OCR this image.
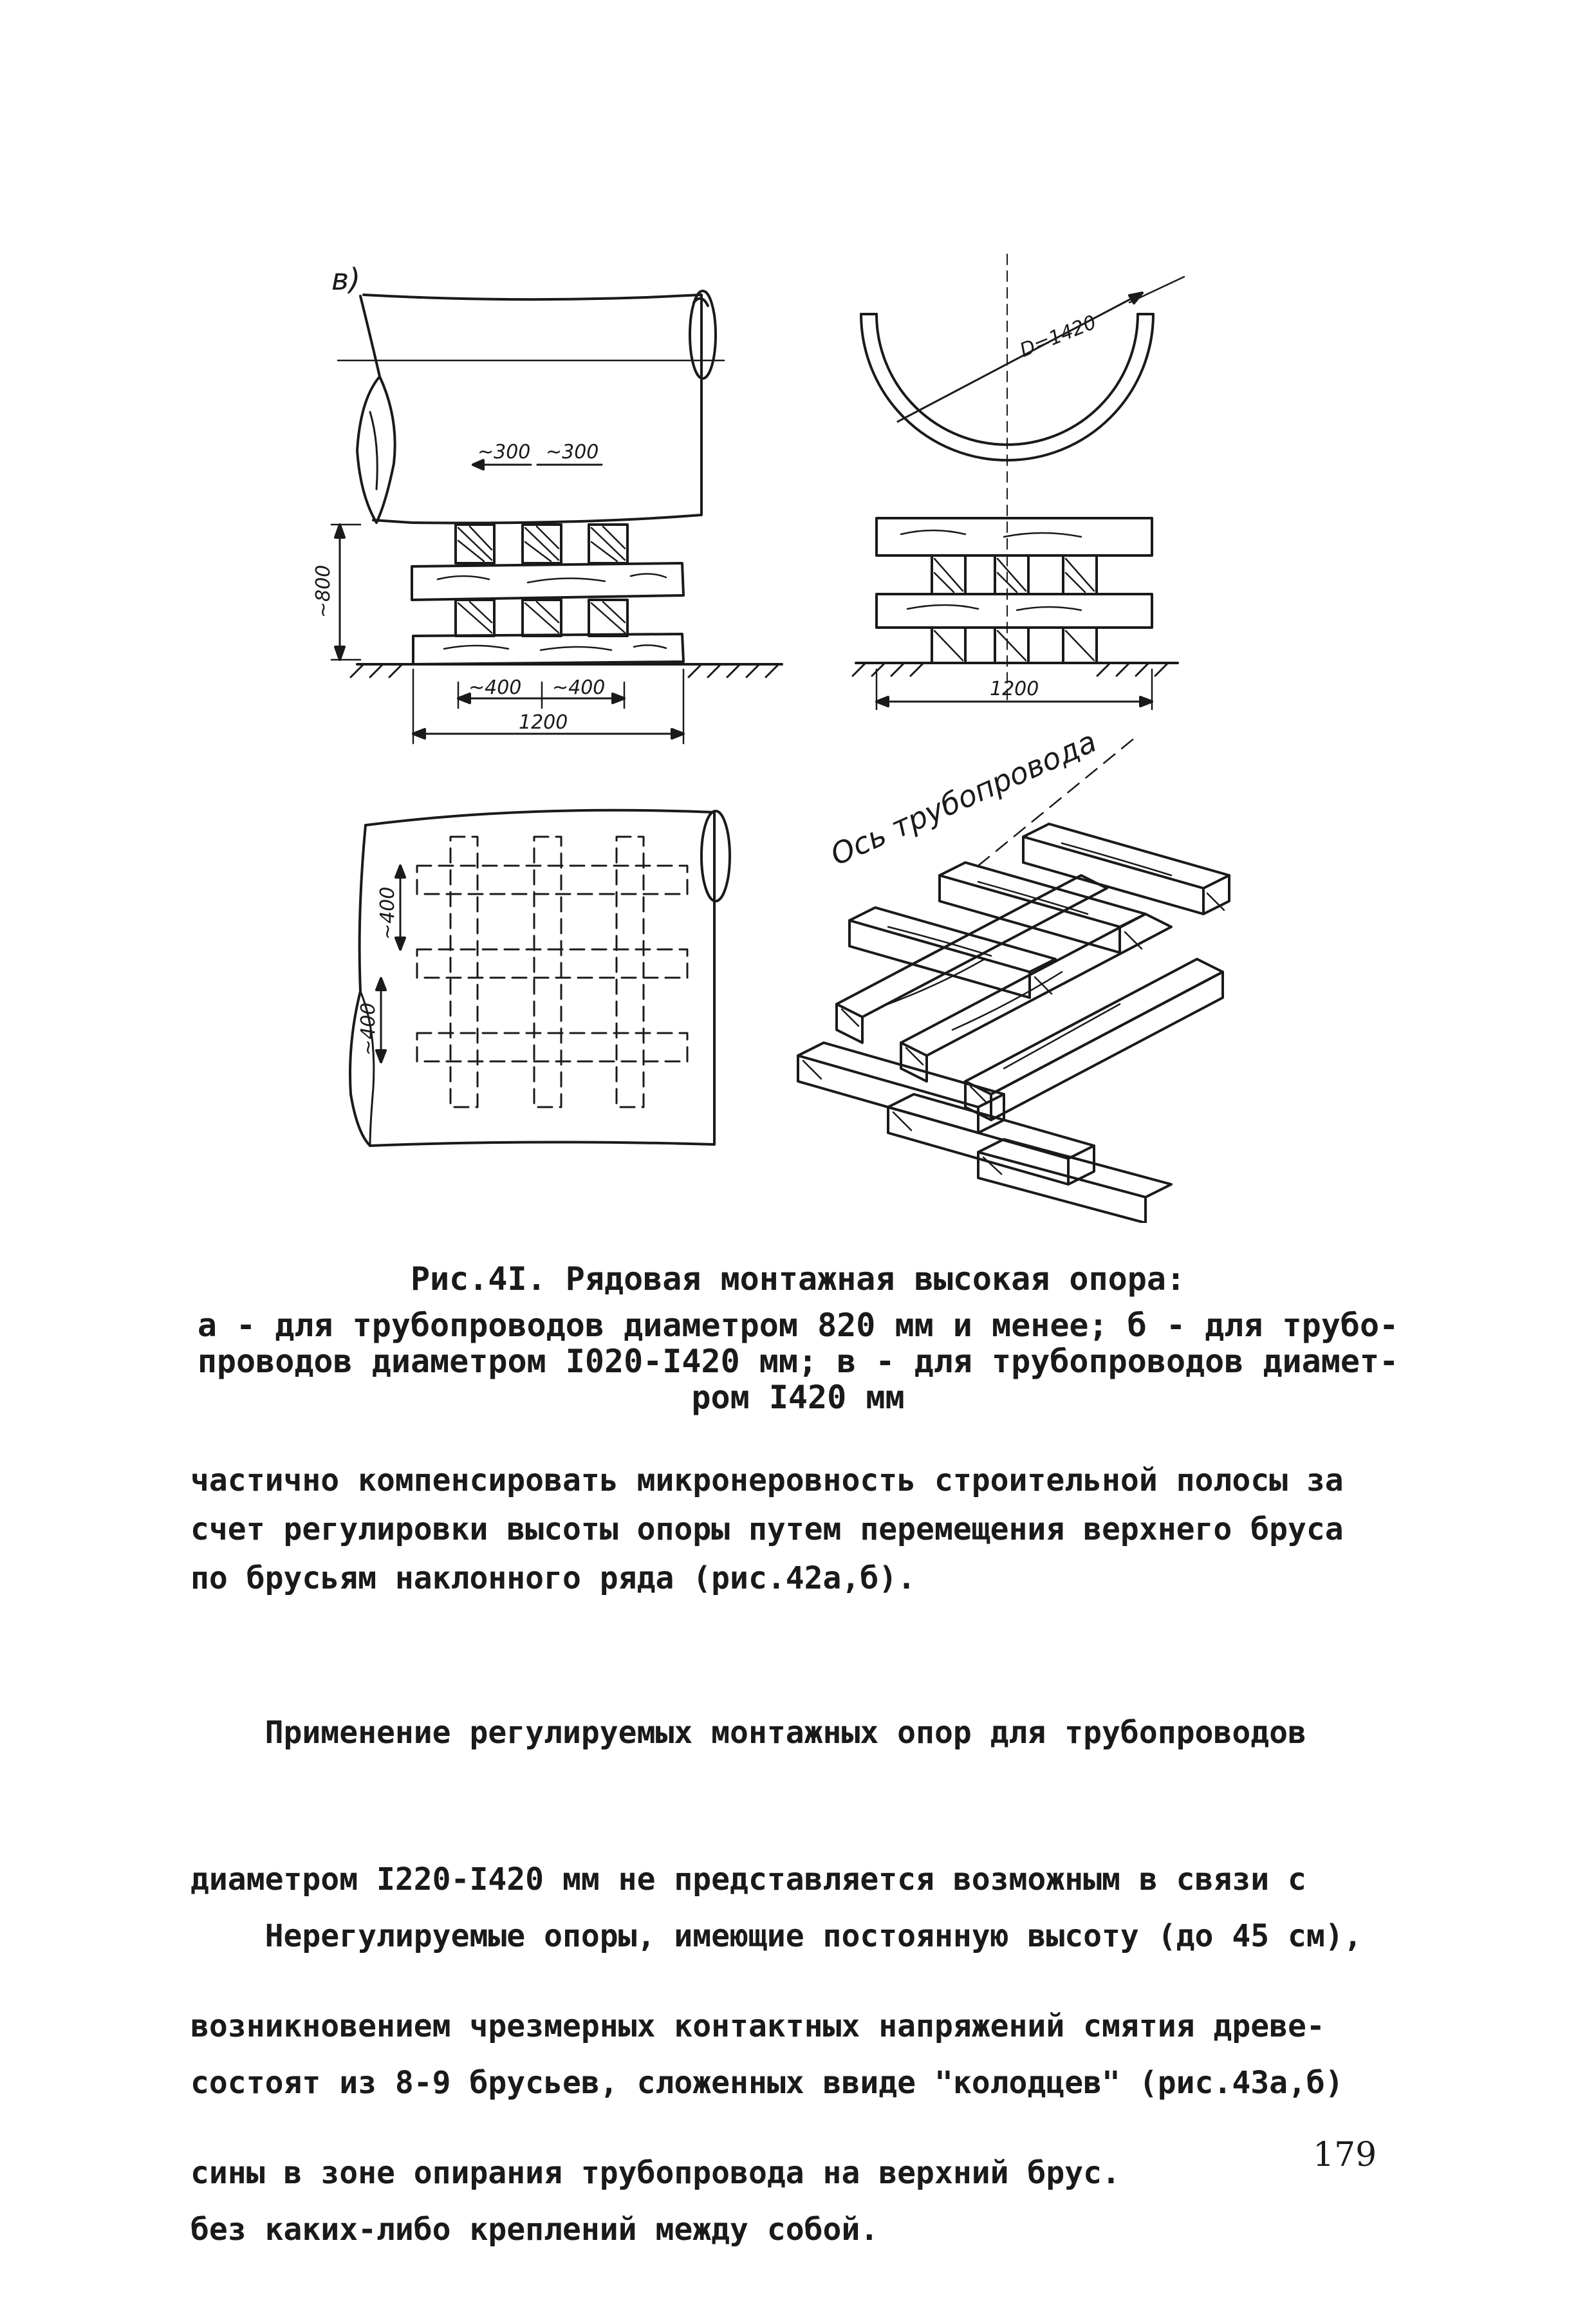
в)
~300 ~300
~800
~400 ~400
1200
D=1420
1200
~400
~400
Ось трубопровода
Рис.4I. Рядовая монтажная высокая опора:
а - для трубопроводов диаметром 820 мм и менее; б - для трубо-
проводов диаметром I020-I420 мм; в - для трубопроводов диамет-
ром I420 мм
частично компенсировать микронеровность строительной полосы за
счет регулировки высоты опоры путем перемещения верхнего бруса
по брусьям наклонного ряда (рис.42а,б).

Применение регулируемых монтажных опор для трубопроводов

диаметром I220-I420 мм не представляется возможным в связи с

возникновением чрезмерных контактных напряжений смятия древе-

сины в зоне опирания трубопровода на верхний брус.

Нерегулируемые опоры, имеющие постоянную высоту (до 45 см),

состоят из 8-9 брусьев, сложенных ввиде "колодцев" (рис.43а,б)

без каких-либо креплений между собой.

179
